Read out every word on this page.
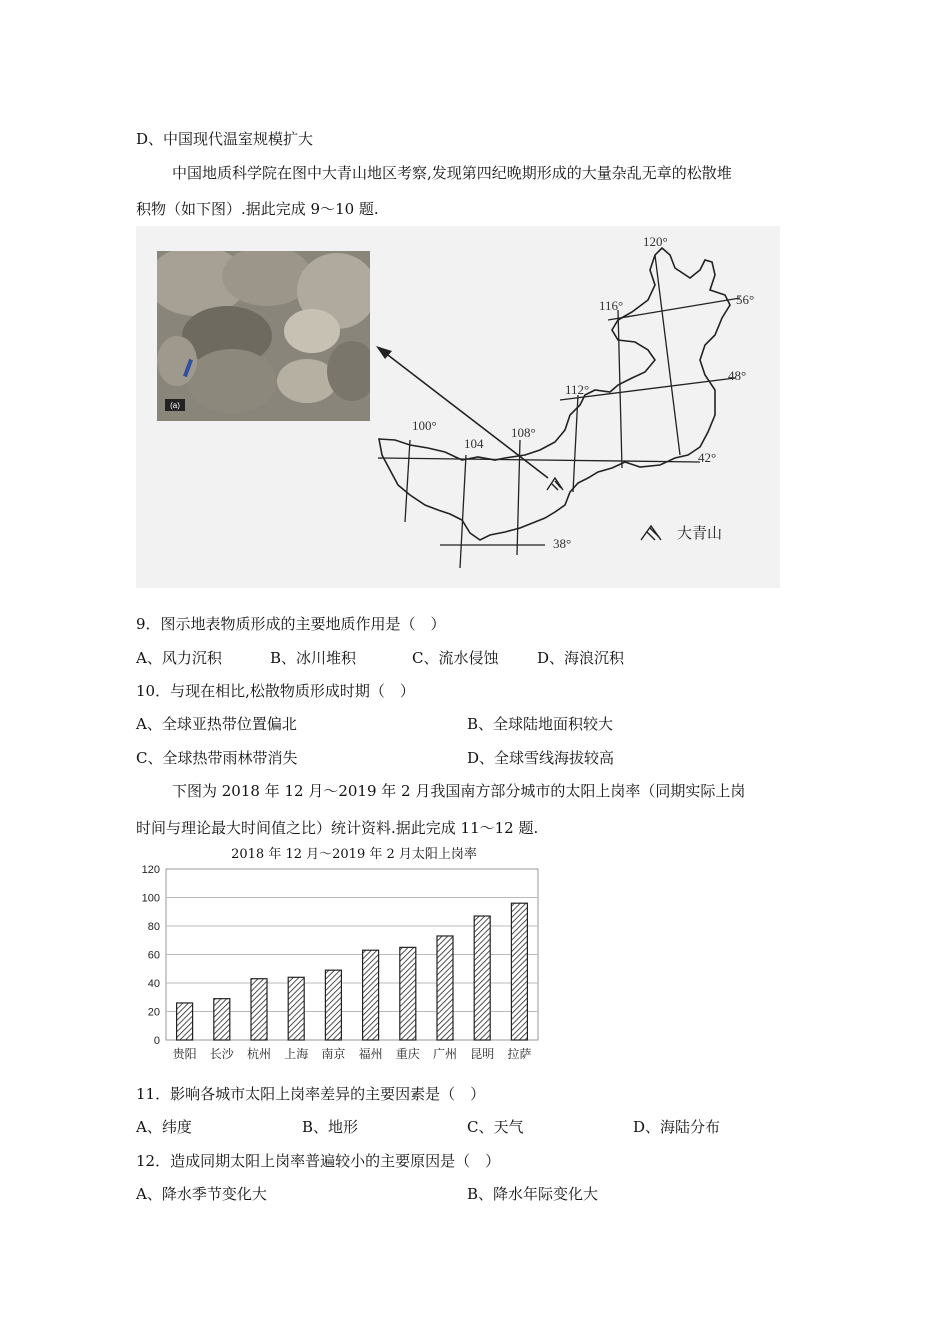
D、中国现代温室规模扩大
中国地质科学院在图中大青山地区考察,发现第四纪晚期形成的大量杂乱无章的松散堆
积物（如下图）.据此完成 9～10 题.
(a)
100°
104
108°
112°
116°
120°
56°
48°
42°
38°
大青山
9．图示地表物质形成的主要地质作用是（　）
A、风力沉积	B、冰川堆积	C、流水侵蚀	D、海浪沉积
10．与现在相比,松散物质形成时期（　）
A、全球亚热带位置偏北	B、全球陆地面积较大
C、全球热带雨林带消失	D、全球雪线海拔较高
下图为 2018 年 12 月～2019 年 2 月我国南方部分城市的太阳上岗率（同期实际上岗
时间与理论最大时间值之比）统计资料.据此完成 11～12 题.
2018 年 12 月～2019 年 2 月太阳上岗率
0
20
40
60
80
100
120
贵阳 长沙 杭州 上海 南京 福州 重庆 广州 昆明 拉萨
11．影响各城市太阳上岗率差异的主要因素是（　）
A、纬度	B、地形	C、天气	D、海陆分布
12．造成同期太阳上岗率普遍较小的主要原因是（　）
A、降水季节变化大	B、降水年际变化大
